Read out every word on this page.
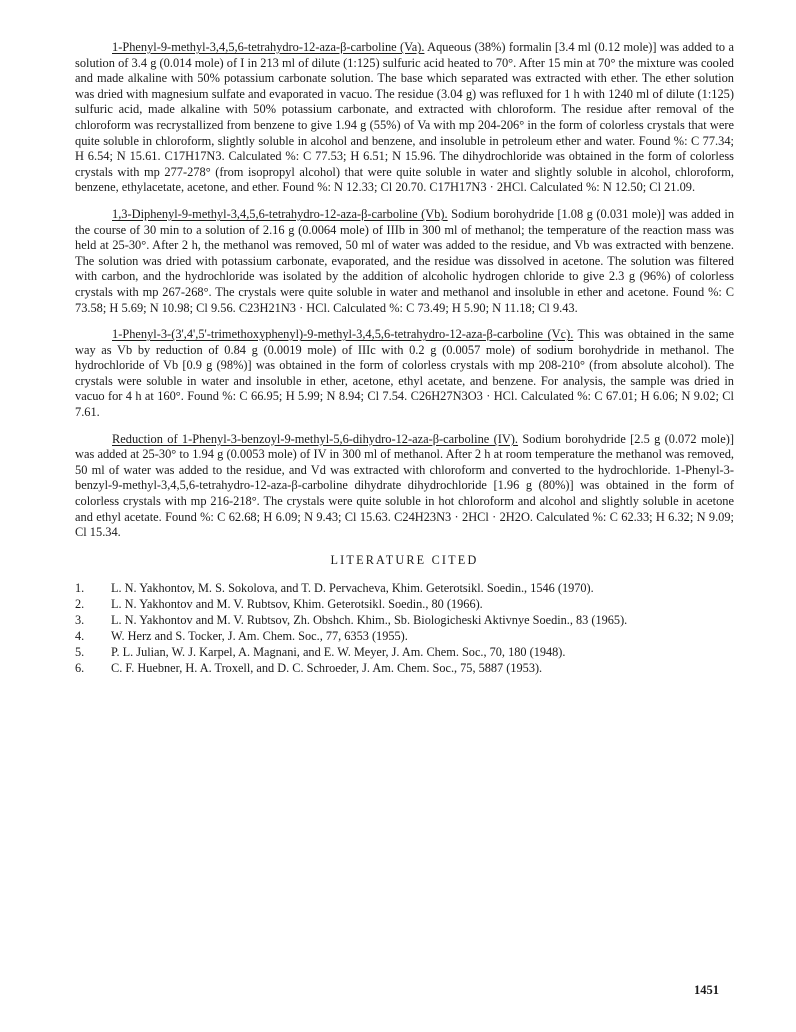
1-Phenyl-9-methyl-3,4,5,6-tetrahydro-12-aza-β-carboline (Va). Aqueous (38%) formalin [3.4 ml (0.12 mole)] was added to a solution of 3.4 g (0.014 mole) of I in 213 ml of dilute (1:125) sulfuric acid heated to 70°. After 15 min at 70° the mixture was cooled and made alkaline with 50% potassium carbonate solution. The base which separated was extracted with ether. The ether solution was dried with magnesium sulfate and evaporated in vacuo. The residue (3.04 g) was refluxed for 1 h with 1240 ml of dilute (1:125) sulfuric acid, made alkaline with 50% potassium carbonate, and extracted with chloroform. The residue after removal of the chloroform was recrystallized from benzene to give 1.94 g (55%) of Va with mp 204-206° in the form of colorless crystals that were quite soluble in chloroform, slightly soluble in alcohol and benzene, and insoluble in petroleum ether and water. Found %: C 77.34; H 6.54; N 15.61. C17H17N3. Calculated %: C 77.53; H 6.51; N 15.96. The dihydrochloride was obtained in the form of colorless crystals with mp 277-278° (from isopropyl alcohol) that were quite soluble in water and slightly soluble in alcohol, chloroform, benzene, ethylacetate, acetone, and ether. Found %: N 12.33; Cl 20.70. C17H17N3 · 2HCl. Calculated %: N 12.50; Cl 21.09.

1,3-Diphenyl-9-methyl-3,4,5,6-tetrahydro-12-aza-β-carboline (Vb). Sodium borohydride [1.08 g (0.031 mole)] was added in the course of 30 min to a solution of 2.16 g (0.0064 mole) of IIIb in 300 ml of methanol; the temperature of the reaction mass was held at 25-30°. After 2 h, the methanol was removed, 50 ml of water was added to the residue, and Vb was extracted with benzene. The solution was dried with potassium carbonate, evaporated, and the residue was dissolved in acetone. The solution was filtered with carbon, and the hydrochloride was isolated by the addition of alcoholic hydrogen chloride to give 2.3 g (96%) of colorless crystals with mp 267-268°. The crystals were quite soluble in water and methanol and insoluble in ether and acetone. Found %: C 73.58; H 5.69; N 10.98; Cl 9.56. C23H21N3 · HCl. Calculated %: C 73.49; H 5.90; N 11.18; Cl 9.43.

1-Phenyl-3-(3',4',5'-trimethoxyphenyl)-9-methyl-3,4,5,6-tetrahydro-12-aza-β-carboline (Vc). This was obtained in the same way as Vb by reduction of 0.84 g (0.0019 mole) of IIIc with 0.2 g (0.0057 mole) of sodium borohydride in methanol. The hydrochloride of Vb [0.9 g (98%)] was obtained in the form of colorless crystals with mp 208-210° (from absolute alcohol). The crystals were soluble in water and insoluble in ether, acetone, ethyl acetate, and benzene. For analysis, the sample was dried in vacuo for 4 h at 160°. Found %: C 66.95; H 5.99; N 8.94; Cl 7.54. C26H27N3O3 · HCl. Calculated %: C 67.01; H 6.06; N 9.02; Cl 7.61.

Reduction of 1-Phenyl-3-benzoyl-9-methyl-5,6-dihydro-12-aza-β-carboline (IV). Sodium borohydride [2.5 g (0.072 mole)] was added at 25-30° to 1.94 g (0.0053 mole) of IV in 300 ml of methanol. After 2 h at room temperature the methanol was removed, 50 ml of water was added to the residue, and Vd was extracted with chloroform and converted to the hydrochloride. 1-Phenyl-3-benzyl-9-methyl-3,4,5,6-tetrahydro-12-aza-β-carboline dihydrate dihydrochloride [1.96 g (80%)] was obtained in the form of colorless crystals with mp 216-218°. The crystals were quite soluble in hot chloroform and alcohol and slightly soluble in acetone and ethyl acetate. Found %: C 62.68; H 6.09; N 9.43; Cl 15.63. C24H23N3 · 2HCl · 2H2O. Calculated %: C 62.33; H 6.32; N 9.09; Cl 15.34.

LITERATURE CITED
1.	L. N. Yakhontov, M. S. Sokolova, and T. D. Pervacheva, Khim. Geterotsikl. Soedin., 1546 (1970).
2.	L. N. Yakhontov and M. V. Rubtsov, Khim. Geterotsikl. Soedin., 80 (1966).
3.	L. N. Yakhontov and M. V. Rubtsov, Zh. Obshch. Khim., Sb. Biologicheski Aktivnye Soedin., 83 (1965).
4.	W. Herz and S. Tocker, J. Am. Chem. Soc., 77, 6353 (1955).
5.	P. L. Julian, W. J. Karpel, A. Magnani, and E. W. Meyer, J. Am. Chem. Soc., 70, 180 (1948).
6.	C. F. Huebner, H. A. Troxell, and D. C. Schroeder, J. Am. Chem. Soc., 75, 5887 (1953).
1451
